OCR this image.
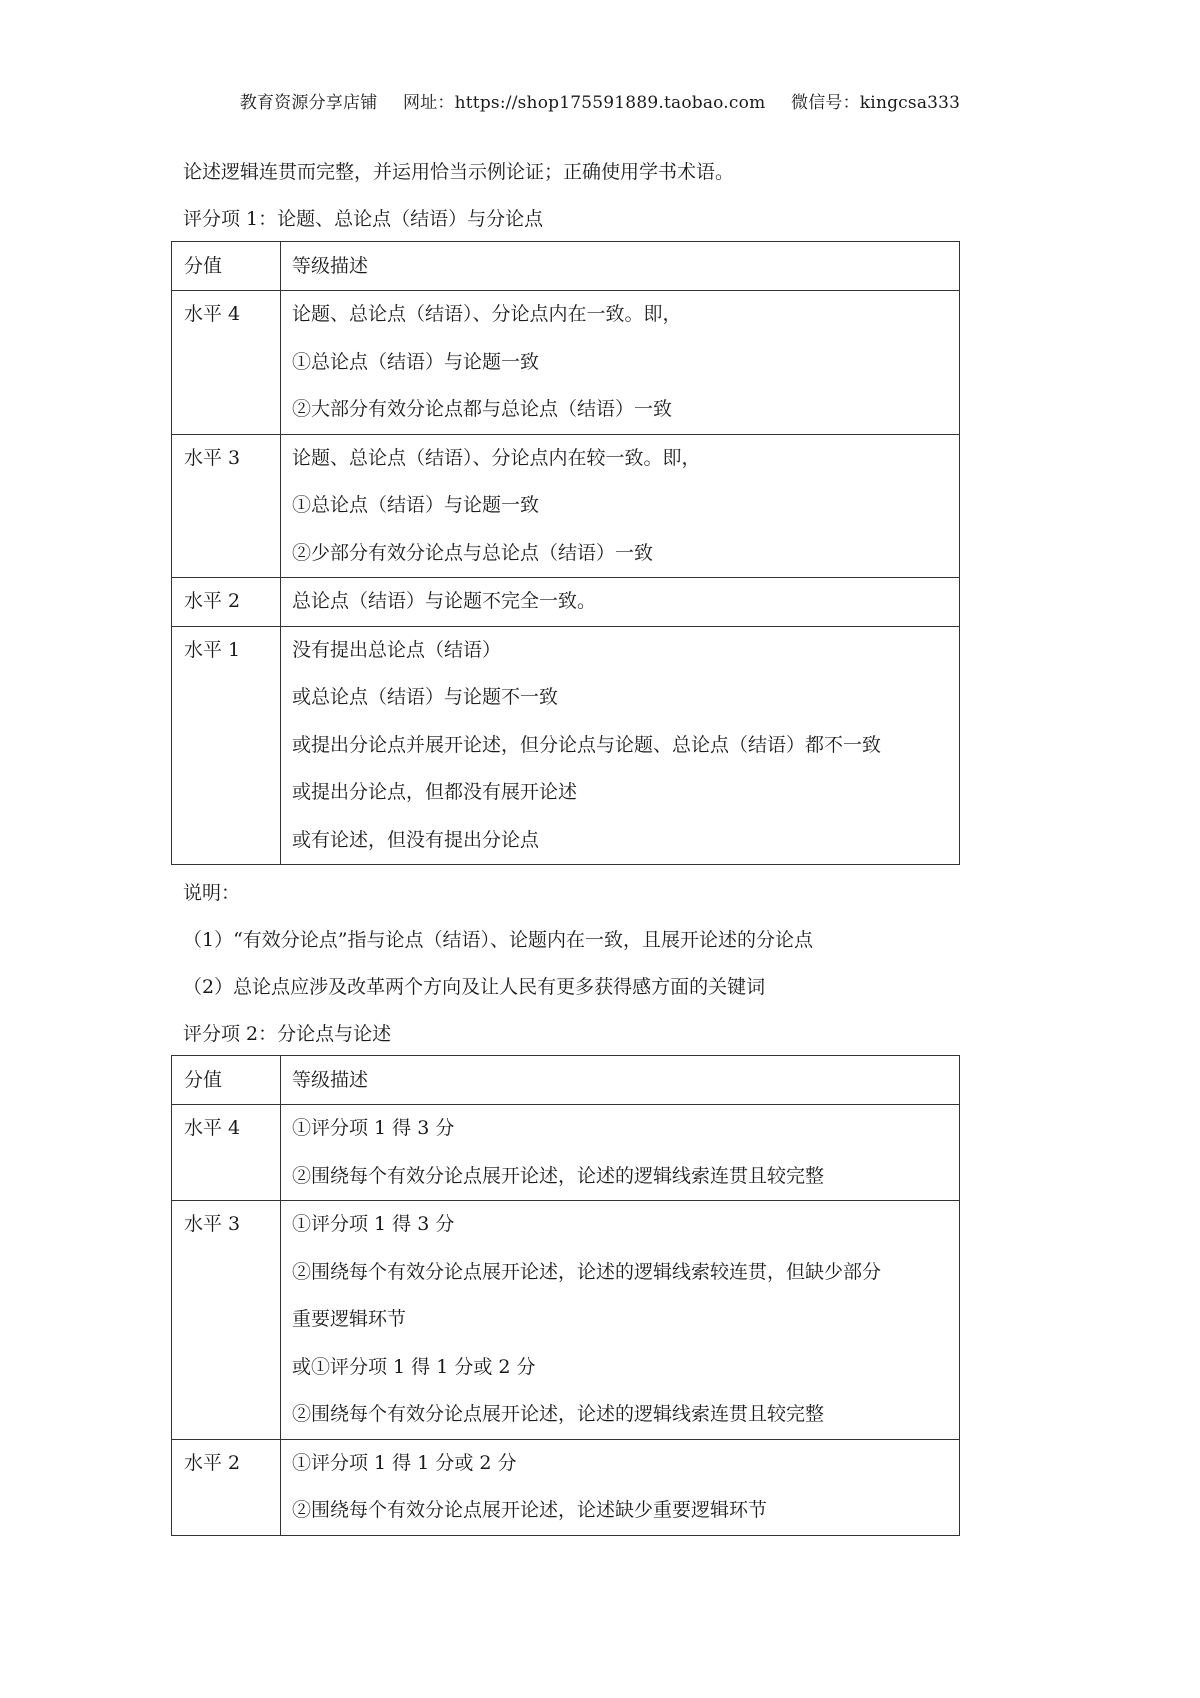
教育资源分享店铺 网址：https://shop175591889.taobao.com 微信号：kingcsa333
论述逻辑连贯而完整，并运用恰当示例论证；正确使用学书术语。
评分项 1：论题、总论点（结语）与分论点
分值	等级描述

水平 4	论题、总论点（结语）、分论点内在一致。即，
①总论点（结语）与论题一致
②大部分有效分论点都与总论点（结语）一致

水平 3	论题、总论点（结语）、分论点内在较一致。即，
①总论点（结语）与论题一致
②少部分有效分论点与总论点（结语）一致

水平 2	总论点（结语）与论题不完全一致。

水平 1	没有提出总论点（结语）
或总论点（结语）与论题不一致
或提出分论点并展开论述，但分论点与论题、总论点（结语）都不一致
或提出分论点，但都没有展开论述
或有论述，但没有提出分论点
说明：
（1）“有效分论点”指与论点（结语）、论题内在一致，且展开论述的分论点
（2）总论点应涉及改革两个方向及让人民有更多获得感方面的关键词
评分项 2：分论点与论述
分值	等级描述

水平 4	①评分项 1 得 3 分
②围绕每个有效分论点展开论述，论述的逻辑线索连贯且较完整

水平 3	①评分项 1 得 3 分
②围绕每个有效分论点展开论述，论述的逻辑线索较连贯，但缺少部分
重要逻辑环节
或①评分项 1 得 1 分或 2 分
②围绕每个有效分论点展开论述，论述的逻辑线索连贯且较完整

水平 2	①评分项 1 得 1 分或 2 分
②围绕每个有效分论点展开论述，论述缺少重要逻辑环节
